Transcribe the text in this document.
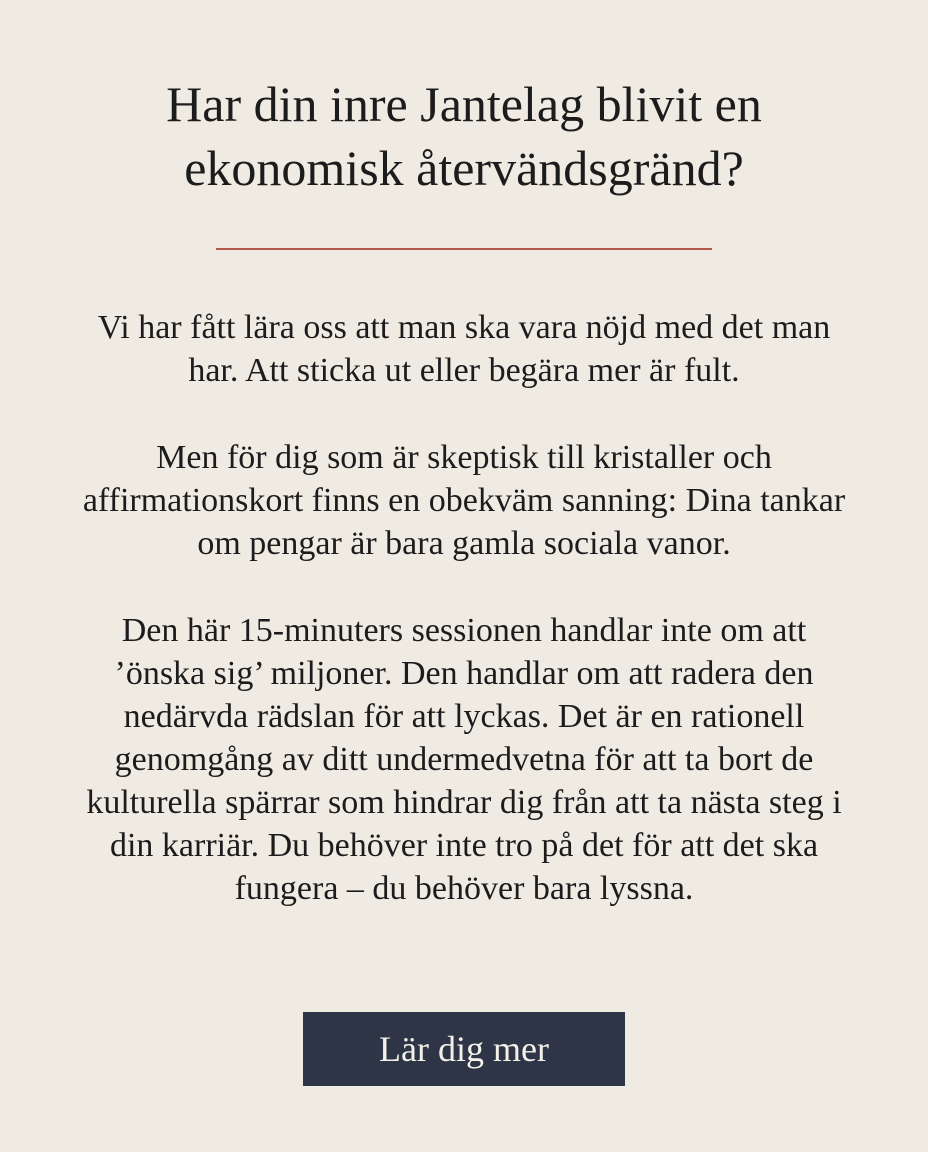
Har din inre Jantelag blivit en
ekonomisk återvändsgränd?

Vi har fått lära oss att man ska vara nöjd med det man har. Att sticka ut eller begära mer är fult.

Men för dig som är skeptisk till kristaller och affirmationskort finns en obekväm sanning: Dina tankar om pengar är bara gamla sociala vanor.

Den här 15-minuters sessionen handlar inte om att ’önska sig’ miljoner. Den handlar om att radera den nedärvda rädslan för att lyckas. Det är en rationell genomgång av ditt undermedvetna för att ta bort de kulturella spärrar som hindrar dig från att ta nästa steg i din karriär. Du behöver inte tro på det för att det ska fungera – du behöver bara lyssna.

Lär dig mer
